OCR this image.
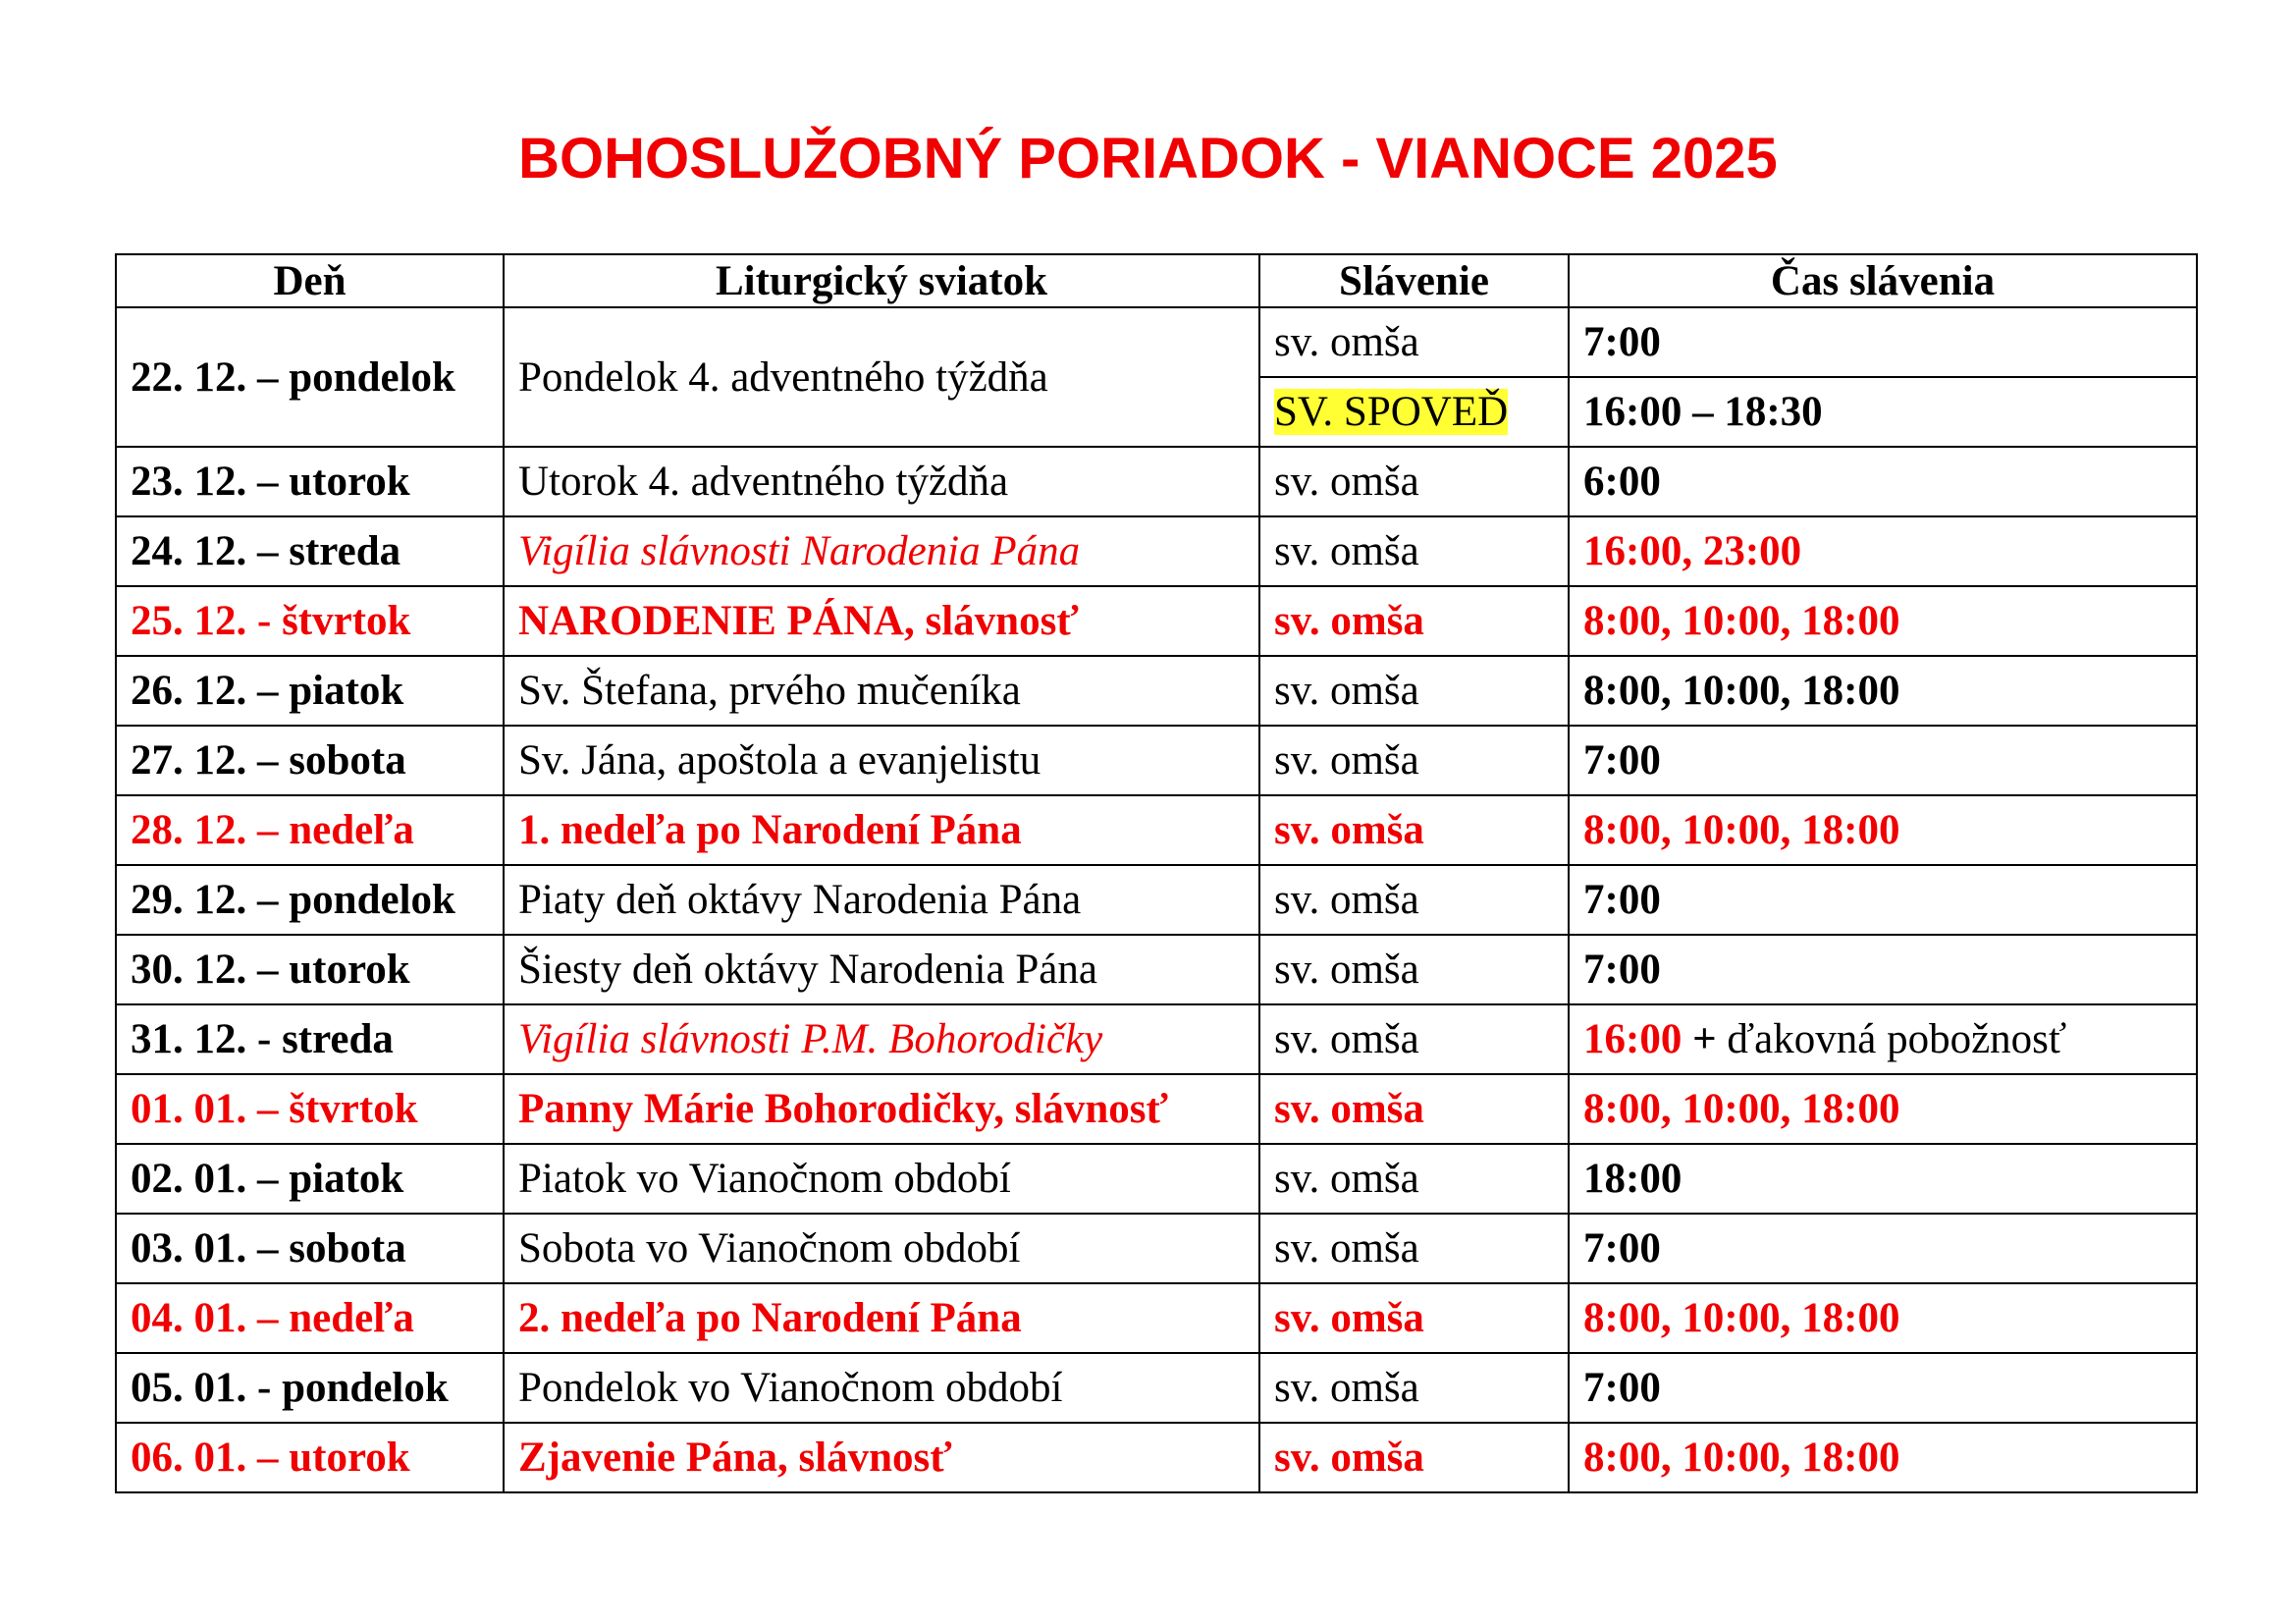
BOHOSLUŽOBNÝ PORIADOK - VIANOCE 2025
Deň	Liturgický sviatok	Slávenie	Čas slávenia
22. 12. – pondelok	Pondelok 4. adventného týždňa	sv. omša	7:00
		SV. SPOVEĎ	16:00 – 18:30
23. 12. – utorok	Utorok 4. adventného týždňa	sv. omša	6:00
24. 12. – streda	Vigília slávnosti Narodenia Pána	sv. omša	16:00, 23:00
25. 12. - štvrtok	NARODENIE PÁNA, slávnosť	sv. omša	8:00, 10:00, 18:00
26. 12. – piatok	Sv. Štefana, prvého mučeníka	sv. omša	8:00, 10:00, 18:00
27. 12. – sobota	Sv. Jána, apoštola a evanjelistu	sv. omša	7:00
28. 12. – nedeľa	1. nedeľa po Narodení Pána	sv. omša	8:00, 10:00, 18:00
29. 12. – pondelok	Piaty deň oktávy Narodenia Pána	sv. omša	7:00
30. 12. – utorok	Šiesty deň oktávy Narodenia Pána	sv. omša	7:00
31. 12. - streda	Vigília slávnosti P.M. Bohorodičky	sv. omša	16:00 + ďakovná pobožnosť
01. 01. – štvrtok	Panny Márie Bohorodičky, slávnosť	sv. omša	8:00, 10:00, 18:00
02. 01. – piatok	Piatok vo Vianočnom období	sv. omša	18:00
03. 01. – sobota	Sobota vo Vianočnom období	sv. omša	7:00
04. 01. – nedeľa	2. nedeľa po Narodení Pána	sv. omša	8:00, 10:00, 18:00
05. 01. - pondelok	Pondelok vo Vianočnom období	sv. omša	7:00
06. 01. – utorok	Zjavenie Pána, slávnosť	sv. omša	8:00, 10:00, 18:00
